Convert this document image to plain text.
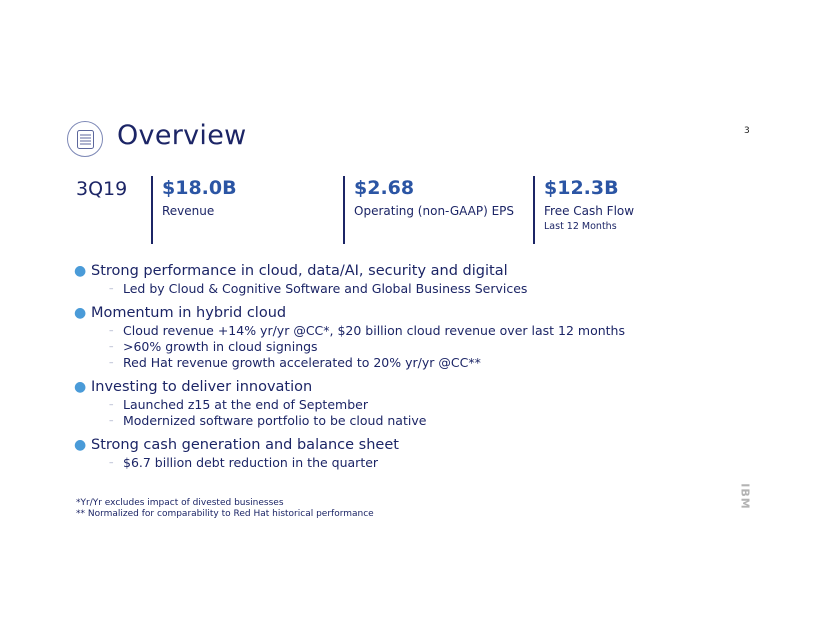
3
Overview
3Q19 $18.0B
Revenue
$2.68
Operating (non-GAAP) EPS
$12.3B
Free Cash Flow
Last 12 Months
● Strong performance in cloud, data/AI, security and digital
– Led by Cloud & Cognitive Software and Global Business Services
● Momentum in hybrid cloud
– Cloud revenue +14% yr/yr @CC*, $20 billion cloud revenue over last 12 months
– >60% growth in cloud signings
– Red Hat revenue growth accelerated to 20% yr/yr @CC**
● Investing to deliver innovation
– Launched z15 at the end of September
– Modernized software portfolio to be cloud native
● Strong cash generation and balance sheet
– $6.7 billion debt reduction in the quarter
*Yr/Yr excludes impact of divested businesses
** Normalized for comparability to Red Hat historical performance
IBM
